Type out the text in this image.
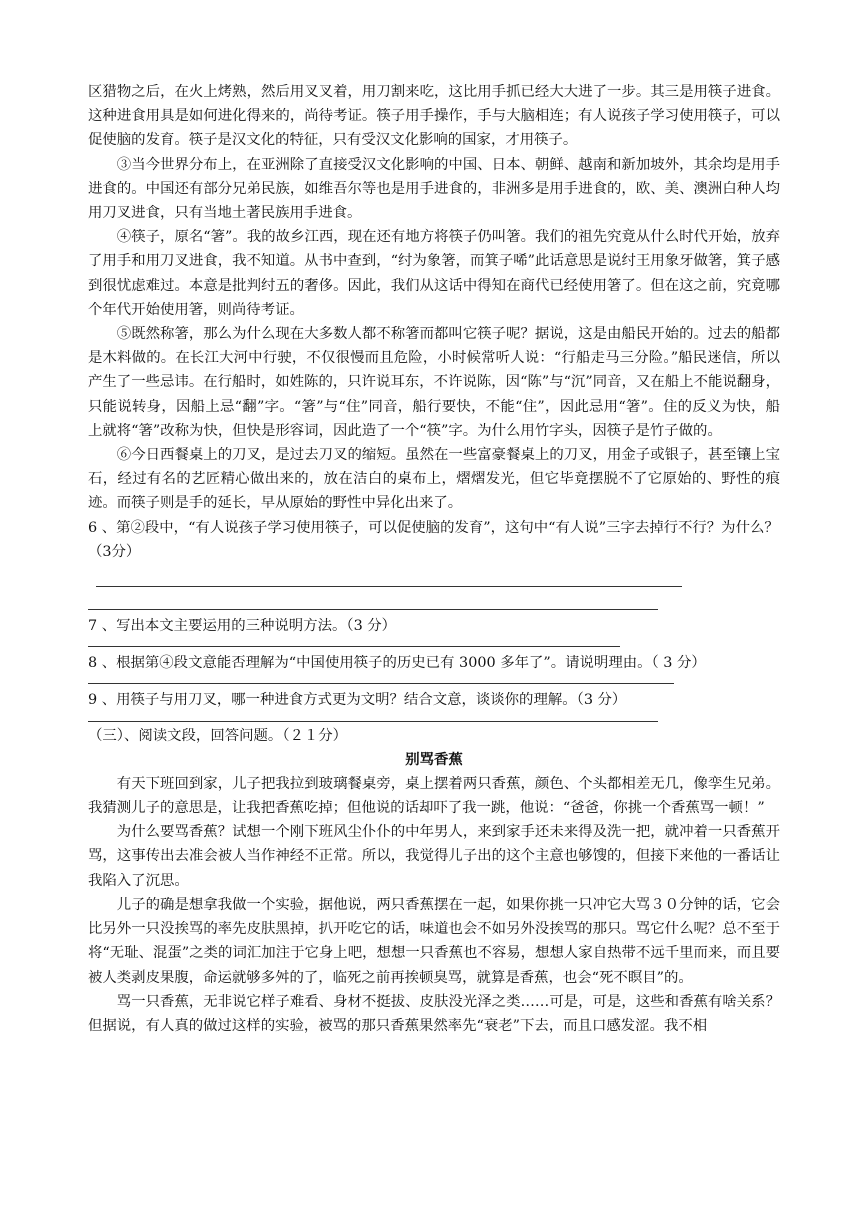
区猎物之后，在火上烤熟，然后用叉叉着，用刀割来吃，这比用手抓已经大大进了一步。其三是用筷子进食。这种进食用具是如何进化得来的，尚待考证。筷子用手操作，手与大脑相连；有人说孩子学习使用筷子，可以促使脑的发育。筷子是汉文化的特征，只有受汉文化影响的国家，才用筷子。

③当今世界分布上，在亚洲除了直接受汉文化影响的中国、日本、朝鲜、越南和新加坡外，其余均是用手进食的。中国还有部分兄弟民族，如维吾尔等也是用手进食的，非洲多是用手进食的，欧、美、澳洲白种人均用刀叉进食，只有当地土著民族用手进食。

④筷子，原名“箸”。我的故乡江西，现在还有地方将筷子仍叫箸。我们的祖先究竟从什么时代开始，放弃了用手和用刀叉进食，我不知道。从书中查到，“纣为象箸，而箕子唏”此话意思是说纣王用象牙做箸，箕子感到很忧虑难过。本意是批判纣五的奢侈。因此，我们从这话中得知在商代已经使用箸了。但在这之前，究竟哪个年代开始使用箸，则尚待考证。

⑤既然称箸，那么为什么现在大多数人都不称箸而都叫它筷子呢？据说，这是由船民开始的。过去的船都是木料做的。在长江大河中行驶，不仅很慢而且危险，小时候常听人说：“行船走马三分险。”船民迷信，所以产生了一些忌讳。在行船时，如姓陈的，只许说耳东，不许说陈，因“陈”与“沉”同音，又在船上不能说翻身，只能说转身，因船上忌“翻”字。“箸”与“住”同音，船行要快，不能“住”，因此忌用“箸”。住的反义为快，船上就将“箸”改称为快，但快是形容词，因此造了一个“筷”字。为什么用竹字头，因筷子是竹子做的。

⑥今日西餐桌上的刀叉，是过去刀叉的缩短。虽然在一些富豪餐桌上的刀叉，用金子或银子，甚至镶上宝石，经过有名的艺匠精心做出来的，放在洁白的桌布上，熠熠发光，但它毕竟摆脱不了它原始的、野性的痕迹。而筷子则是手的延长，早从原始的野性中异化出来了。

6 、第②段中，“有人说孩子学习使用筷子，可以促使脑的发育”，这句中“有人说”三字去掉行不行？为什么？（3分）

7 、写出本文主要运用的三种说明方法。（3 分）

8 、根据第④段文意能否理解为“中国使用筷子的历史已有 3000 多年了”。请说明理由。（ 3 分）

9 、用筷子与用刀叉，哪一种进食方式更为文明？结合文意，谈谈你的理解。（3 分）

（三）、阅读文段，回答问题。（２１分）

别骂香蕉

有天下班回到家，儿子把我拉到玻璃餐桌旁，桌上摆着两只香蕉，颜色、个头都相差无几，像孪生兄弟。我猜测儿子的意思是，让我把香蕉吃掉；但他说的话却吓了我一跳，他说：“爸爸，你挑一个香蕉骂一顿！”

为什么要骂香蕉？试想一个刚下班风尘仆仆的中年男人，来到家手还未来得及洗一把，就冲着一只香蕉开骂，这事传出去准会被人当作神经不正常。所以，我觉得儿子出的这个主意也够馊的，但接下来他的一番话让我陷入了沉思。

儿子的确是想拿我做一个实验，据他说，两只香蕉摆在一起，如果你挑一只冲它大骂３０分钟的话，它会比另外一只没挨骂的率先皮肤黑掉，扒开吃它的话，味道也会不如另外没挨骂的那只。骂它什么呢？总不至于将“无耻、混蛋”之类的词汇加注于它身上吧，想想一只香蕉也不容易，想想人家自热带不远千里而来，而且要被人类剥皮果腹，命运就够多舛的了，临死之前再挨顿臭骂，就算是香蕉，也会“死不瞑目”的。

骂一只香蕉，无非说它样子难看、身材不挺拔、皮肤没光泽之类……可是，可是，这些和香蕉有啥关系？但据说，有人真的做过这样的实验，被骂的那只香蕉果然率先“衰老”下去，而且口感发涩。我不相
